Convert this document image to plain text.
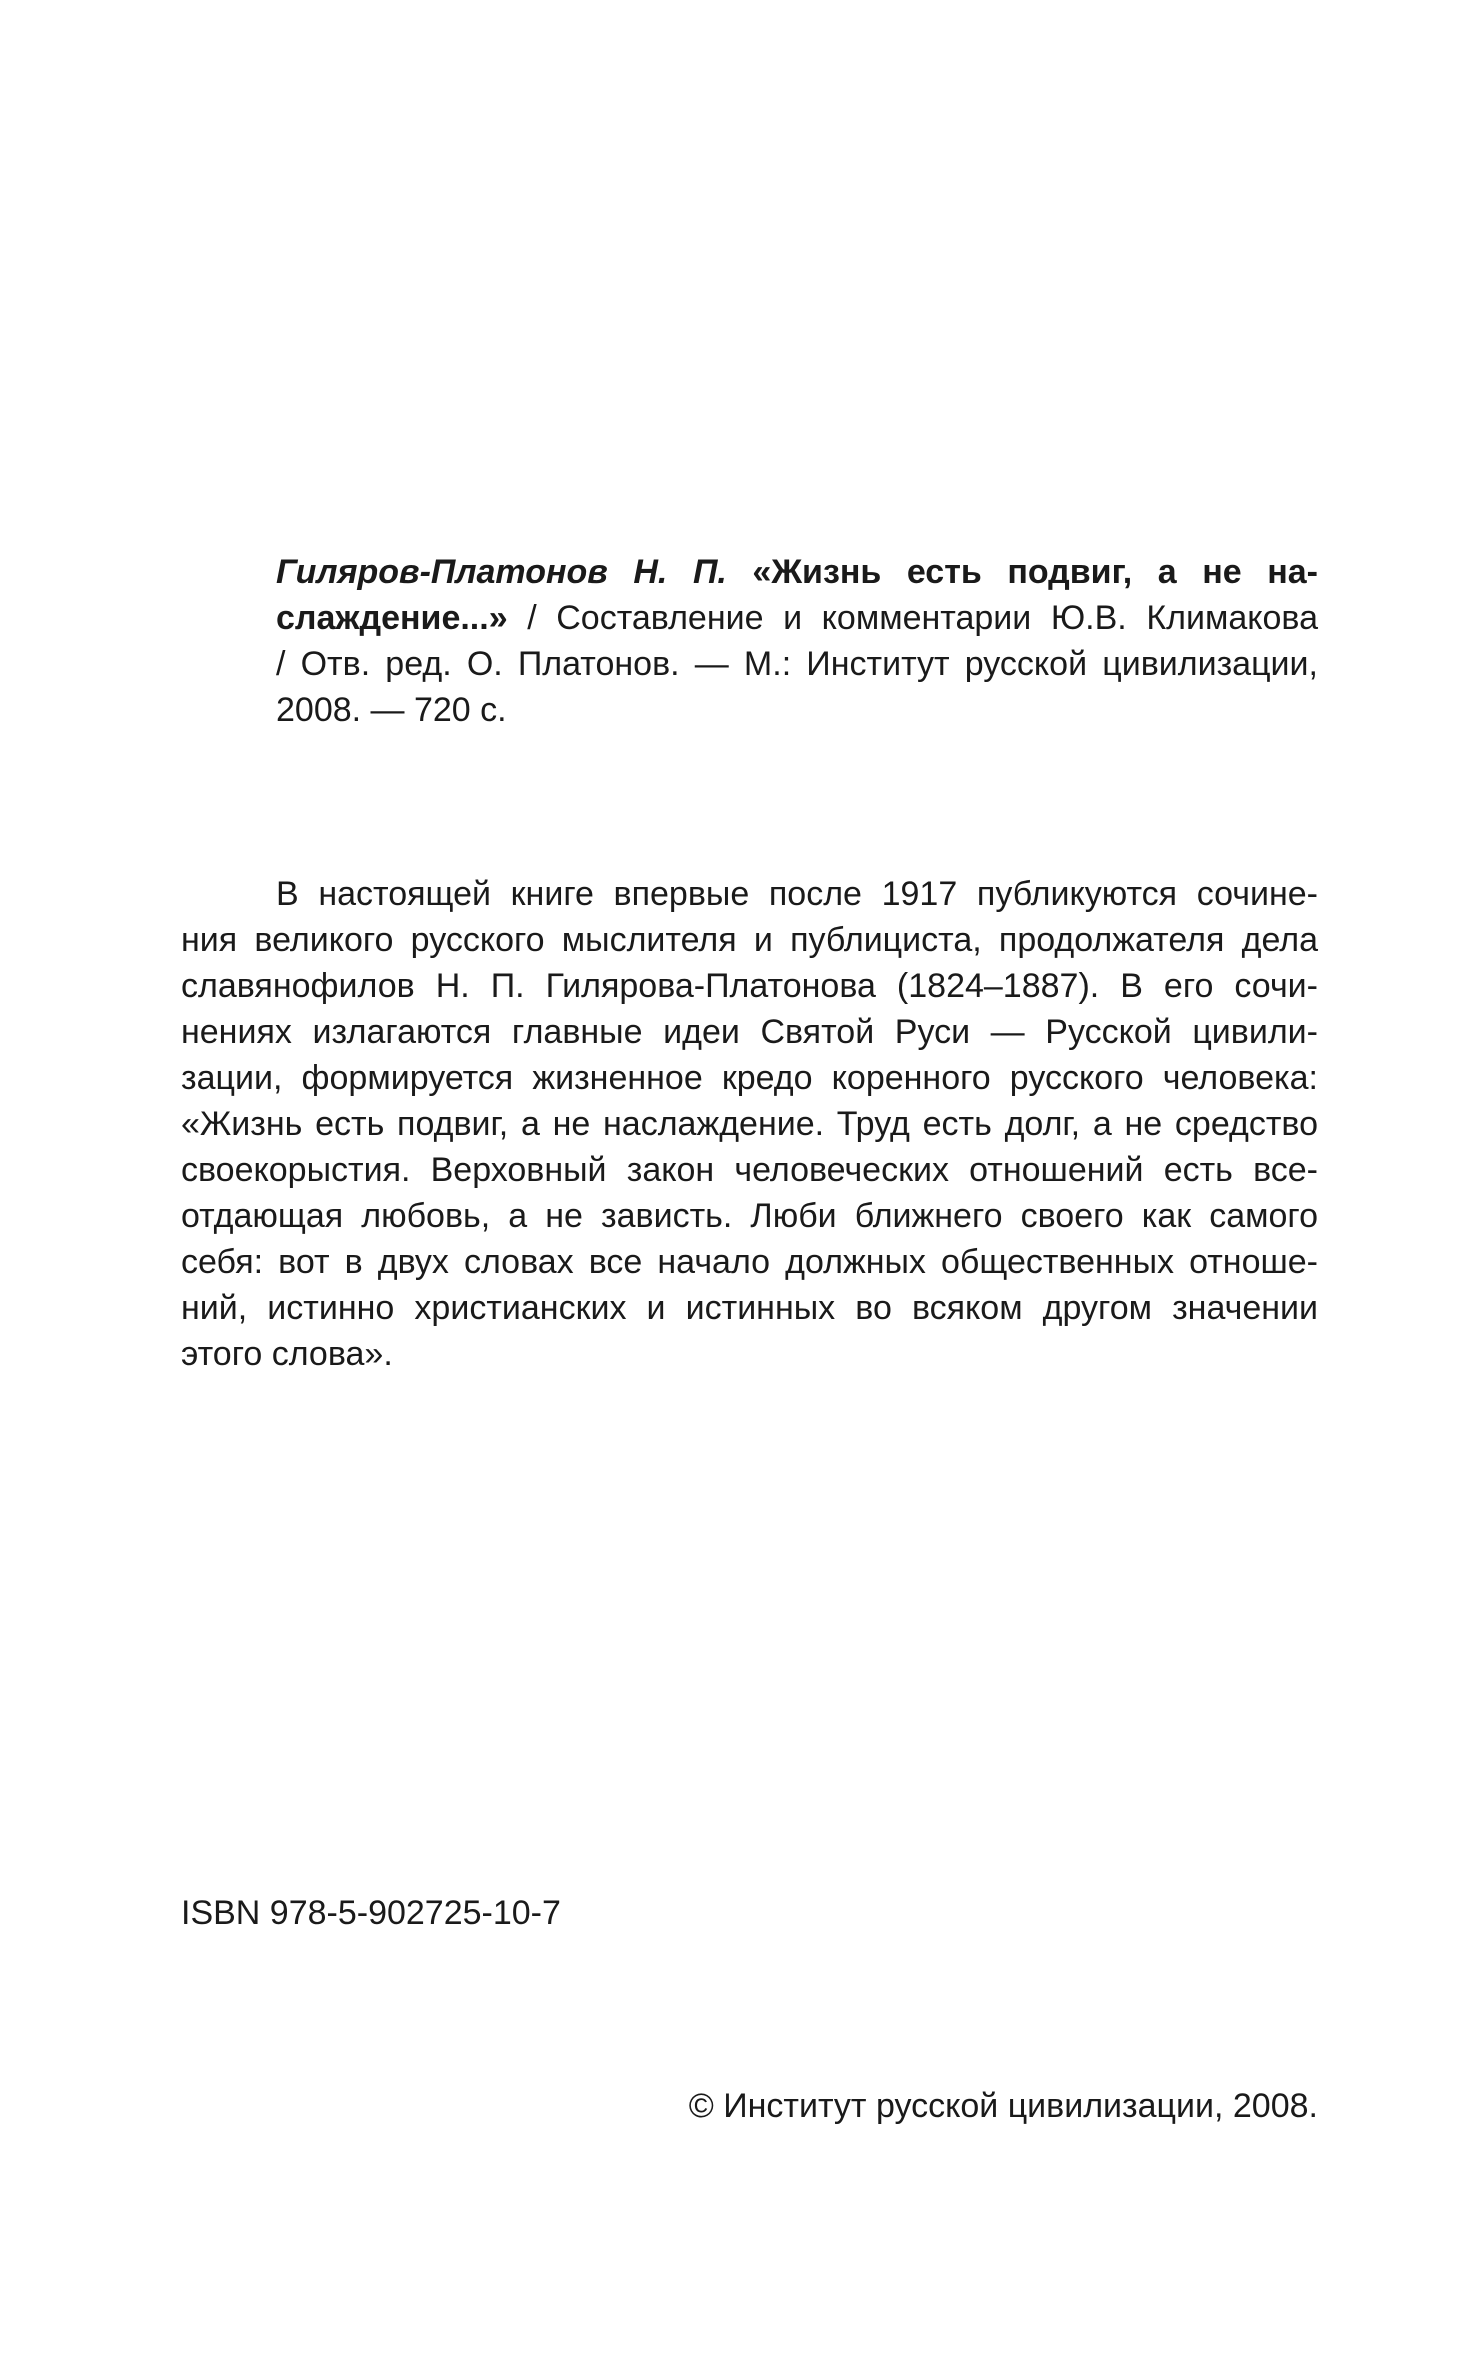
Гиляров-Платонов Н. П. «Жизнь есть подвиг, а не на-
слаждение...» / Составление и комментарии Ю.В. Климакова
/ Отв. ред. О. Платонов. — М.: Институт русской цивилизации,
2008. — 720 с.
В настоящей книге впервые после 1917 публикуются сочине-
ния великого русского мыслителя и публициста, продолжателя дела
славянофилов Н. П. Гилярова-Платонова (1824–1887). В его сочи-
нениях излагаются главные идеи Святой Руси — Русской цивили-
зации, формируется жизненное кредо коренного русского человека:
«Жизнь есть подвиг, а не наслаждение. Труд есть долг, а не средство
своекорыстия. Верховный закон человеческих отношений есть все-
отдающая любовь, а не зависть. Люби ближнего своего как самого
себя: вот в двух словах все начало должных общественных отноше-
ний, истинно христианских и истинных во всяком другом значении
этого слова».
ISBN 978-5-902725-10-7
© Институт русской цивилизации, 2008.
